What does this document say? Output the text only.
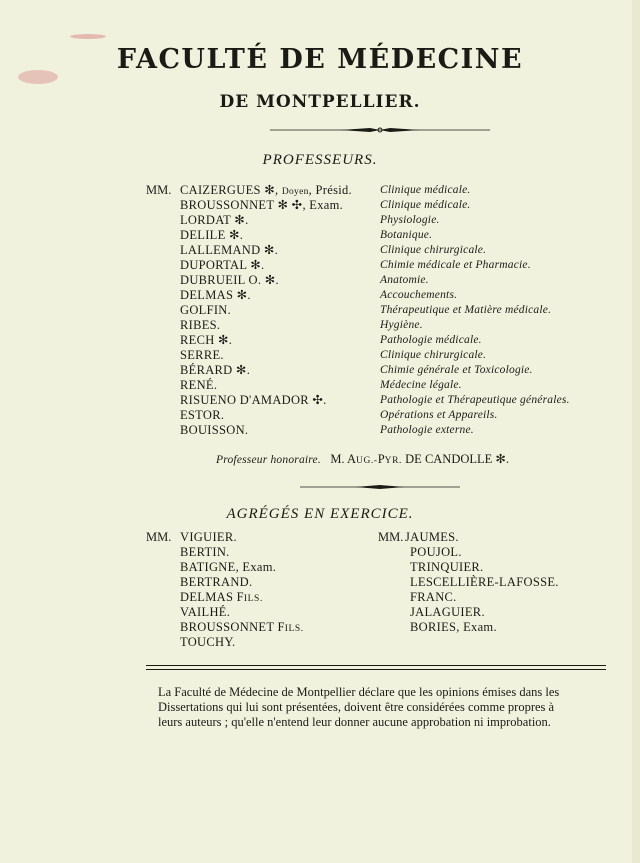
FACULTÉ DE MÉDECINE
DE MONTPELLIER.
PROFESSEURS.
MM. CAIZERGUES ✻, Doyen, Présid.
BROUSSONNET ✻ ✣, Exam.
LORDAT ✻.
DELILE ✻.
LALLEMAND ✻.
DUPORTAL ✻.
DUBRUEIL O. ✻.
DELMAS ✻.
GOLFIN.
RIBES.
RECH ✻.
SERRE.
BÉRARD ✻.
RENÉ.
RISUENO D'AMADOR ✣.
ESTOR.
BOUISSON.
Clinique médicale.
Clinique médicale.
Physiologie.
Botanique.
Clinique chirurgicale.
Chimie médicale et Pharmacie.
Anatomie.
Accouchements.
Thérapeutique et Matière médicale.
Hygiène.
Pathologie médicale.
Clinique chirurgicale.
Chimie générale et Toxicologie.
Médecine légale.
Pathologie et Thérapeutique générales.
Opérations et Appareils.
Pathologie externe.
Professeur honoraire. M. AUG.-PYR. DE CANDOLLE ✻.
AGRÉGÉS EN EXERCICE.
MM. VIGUIER.
BERTIN.
BATIGNE, Exam.
BERTRAND.
DELMAS FILS.
VAILHÉ.
BROUSSONNET FILS.
TOUCHY.
MM. JAUMES.
POUJOL.
TRINQUIER.
LESCELLIÈRE-LAFOSSE.
FRANC.
JALAGUIER.
BORIES, Exam.
La Faculté de Médecine de Montpellier déclare que les opinions émises dans les
Dissertations qui lui sont présentées, doivent être considérées comme propres à
leurs auteurs ; qu'elle n'entend leur donner aucune approbation ni improbation.
